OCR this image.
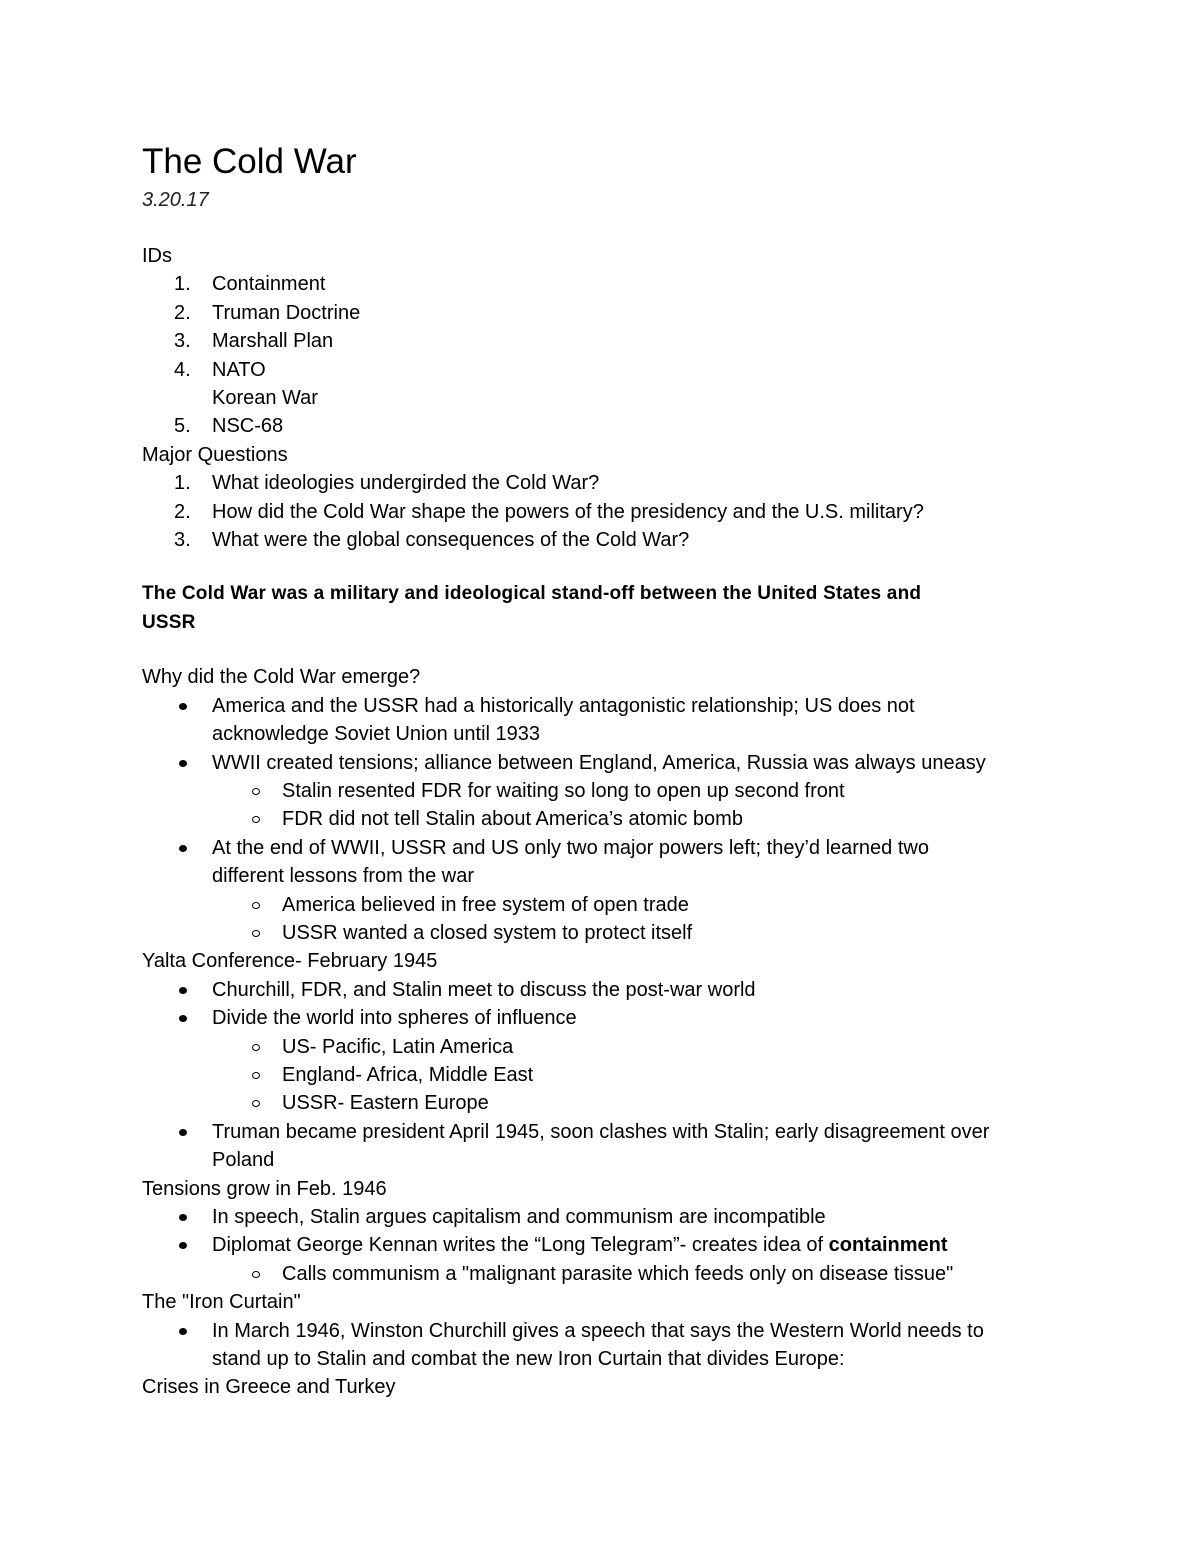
The Cold War

3.20.17

IDs

1.	Containment

2.	Truman Doctrine

3.	Marshall Plan

4.	NATO

Korean War

5.	NSC-68

Major Questions

1.	What ideologies undergirded the Cold War?

2.	How did the Cold War shape the powers of the presidency and the U.S. military?

3.	What were the global consequences of the Cold War?

The Cold War was a military and ideological stand-off between the United States and

USSR

Why did the Cold War emerge?

America and the USSR had a historically antagonistic relationship; US does not

acknowledge Soviet Union until 1933

WWII created tensions; alliance between England, America, Russia was always uneasy

Stalin resented FDR for waiting so long to open up second front

FDR did not tell Stalin about America’s atomic bomb

At the end of WWII, USSR and US only two major powers left; they’d learned two

different lessons from the war

America believed in free system of open trade

USSR wanted a closed system to protect itself

Yalta Conference- February 1945

Churchill, FDR, and Stalin meet to discuss the post-war world

Divide the world into spheres of influence

US- Pacific, Latin America

England- Africa, Middle East

USSR- Eastern Europe

Truman became president April 1945, soon clashes with Stalin; early disagreement over

Poland

Tensions grow in Feb. 1946

In speech, Stalin argues capitalism and communism are incompatible

Diplomat George Kennan writes the “Long Telegram”- creates idea of containment

Calls communism a "malignant parasite which feeds only on disease tissue"

The "Iron Curtain"

In March 1946, Winston Churchill gives a speech that says the Western World needs to

stand up to Stalin and combat the new Iron Curtain that divides Europe:

Crises in Greece and Turkey
